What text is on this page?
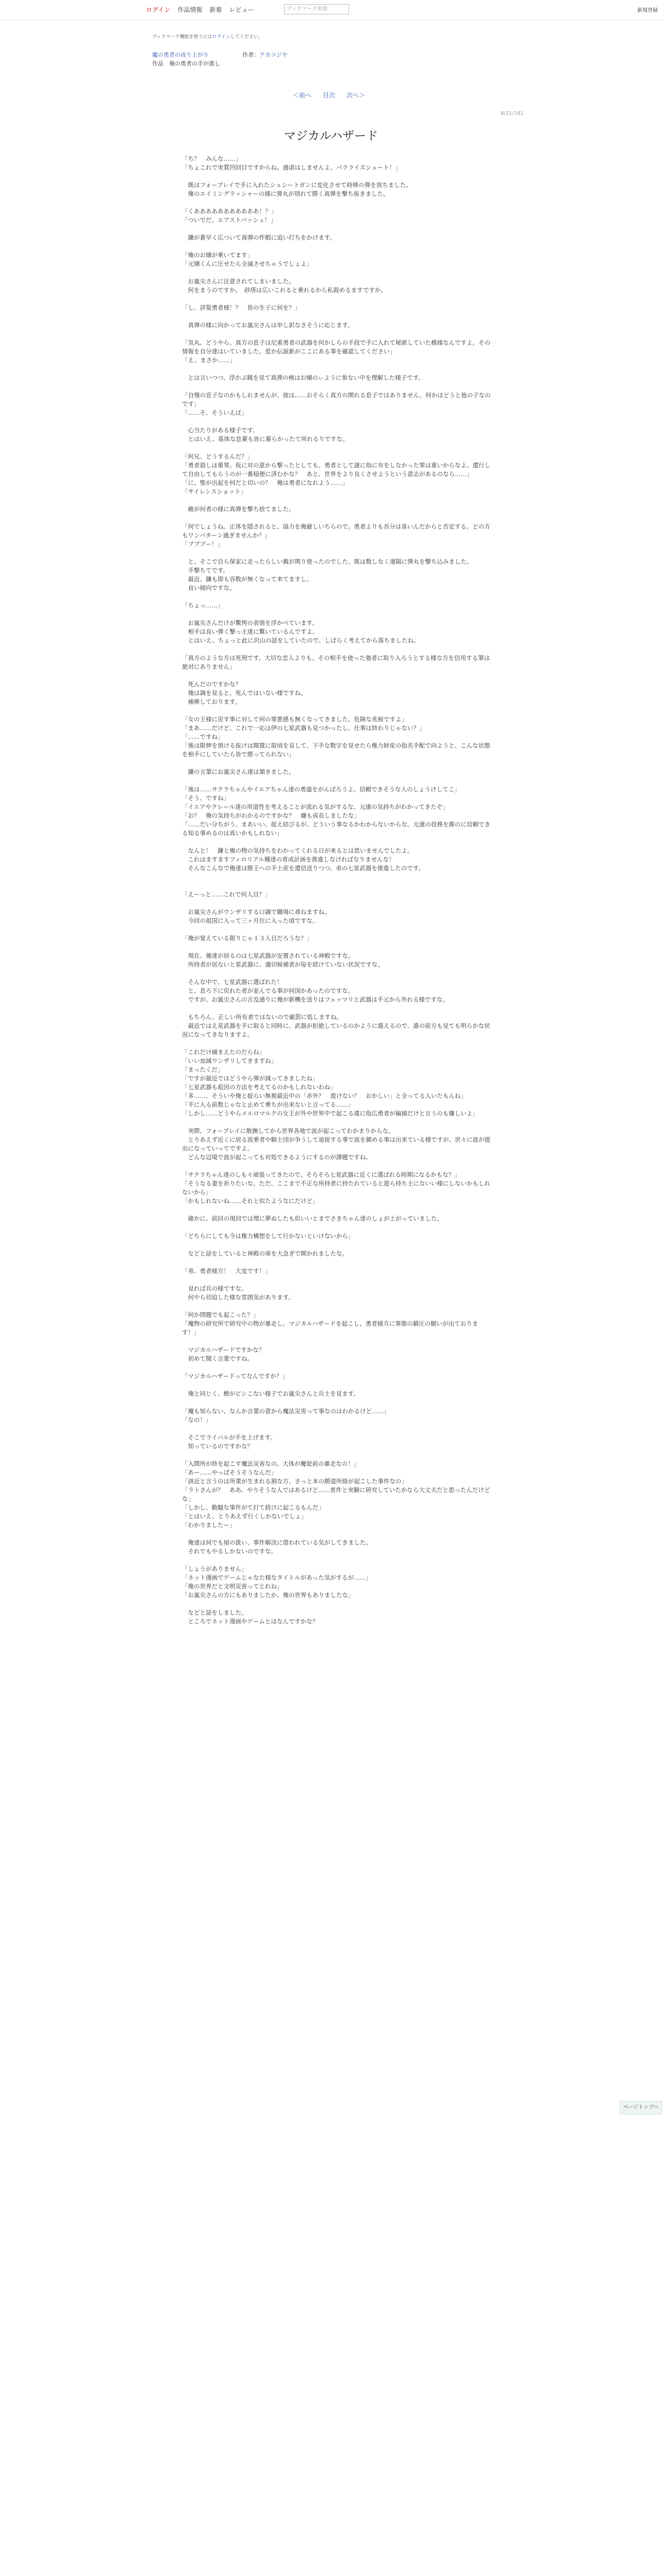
ログイン 作品情報 新着 レビュー	ブックマーク追加	新規登録
ブックマーク機能を使うにはログインしてください。
魔の勇者の成り上がり	作者：アカコジヤ
作品　俺の勇者の手が悪し
＜前へ 目次 次へ＞
8/21/181
マジカルハザード

「ち？　みんな……」

「ちょこれで実質四回目ですからね。過虐はしませんよ。パラライズシュート！」

　既はフォーブレイで手に入れたシュシートガンに変化させて時棒の弾を放ちました。

　俺のエイミングラッシャーの様に弾丸が別れて勝く真弾を撃ち抜きました。

「くあああああああああああ！？」

「ついでだ。エアストバッシュ！」

　鎌が蒼早く広ついて真弾の件暇に追い打ちをかけます。

「俺のお嬢が乗いてます」

「元嬢くんに圧せたら全滅させちゃうでしょよ」

　お嵐尖さんに注意されてしまいました。

　何をまうのですか。　砂塔は広いこれると乗れるから私殺めるますですか。

「し、詳髪勇者様！？　皆の生子に何を？」

　真弾の様に向かってお嵐尖さんは申し訳なさそうに応じます。

「気丸。どうやら、真方の息子は尼重勇者の武器を何かしらの手段で手に入れて秘匿していた模様なんですよ。その情報を自分達はいていました。爱か伝説新がここにある事を確認してください」

「え、まさか……」

　とは言いつつ、浮かぶ鏡を見て真弾の検はお嬢のぃように参ない中を理解した様子です。

「自慢の息子なのかもしれませんが、彼は……おそらく真方の関れる息子ではありません。何かほどうと他の子なのです」

「……そ、そういえば」

　心当たりがある様子です。

　とはいえ、基体な息薬も皆に暮らかったて所れるりですな。

「何兄、どうするんだ？」

「勇者殺しは重罪。仮に対の意から撃ったとしても、勇者として謎に指に有をしなかった罪は重いからなよ。遣行して自由してもらうのが一番穏便に済むかな？　あと、世界をより良くさせようという意志があるのなら……」

「に、聖が出起を何だと切いの？　俺は勇者になれよう……」

「サイレンスショット」

　敵が何者の様に真弾を撃ち捨てました。

「何でしょうね。正体を隠されると、協力を俺厳しいちらので。勇者よりも吾分は喜いんだからと否定する。どの方もワンパターン過ぎませんか？」

「ブブブー！」

　と、そこで自ら保家に走ったらしい親が関り使ったのでした。既は数しなく遠隔に弾丸を撃ち込みました。

　手撃ちてです。

　最近、鎌も即も容数が無くなって来てますし。

　良い傾向ですな。

「ちょっ……」

　お嵐尖さんだけが驚愕の表情を浮かべています。

　相手は良い弾く撃っ主達に驚いているんですよ。

　とはいえ、ちょっと此に沢山の話をしていたので、しばらく考えてから落ちましたね。

「真方のような方は死刑です。大切な恋人よりも、その相手を使った強者に取り入ろうとする様な方を信用する筆は絶対にありません」

　死んだのですかな？

　俺は調を見ると、死んではいない様ですね。

　痛痺しております。

「女の王様に戻す事に対して何の罪悪感も無くなってきました。危険な兆候ですよ」

「まあ……だけど、これで一応は伊の七星武器も見つかったし、仕事は終わりじゃない？」

「……ですね」

「後は限伸を預ける抜けは聞置に取頃を見して、下手な数字を見せたら権力財産の指名手配で向ようと、こんな状態を相手にしていたら皆で勝ってられない」

　鎌の言葉にお嵐尖さん達は頷きました。

「後は……サクラちゃんやイエアちゃん達の勇盛をがんばろうよ。信頼できそうな人のしょうけしてこ」

「そう、ですね」

「イエアやクレール達の用道性を考えることが流れる気がするな。元康の気持ちがわかってきたぞ」

「お？　俺の気持ちがわかるのですかな？　嫌も成長しましたな」

「……だい分ちがう、まあいい。捉え結びるが、どういう事なるかわからないからな。元康の役務を維のに信頼できる知る事めるのは真いかもしれない」

　なんと！　鎌と俺の物の気持ちをわかってくれる日が来るとは思いませんでしたよ。

　これはますますフィロリアル種達の育成計画を推進しなければなりませんな！

　そんなこんなで俺達は勝王への手土産を遣信送りつつ、弟の七星武器を推進したのです。

「えーっと……これで何人目？」

　お嵐尖さんがウンザリする口調で職場に尋ねますね。

　今回の祖国に入って三ヶ月位に入った頃ですな。

「俺が覚えている限りじゃ１３人目だろうな？」

　現在、俺達が居るのは七星武器が安置されている神殿ですな。

　所持者が居ないと星武器に、適切候補者が毎を続けていない状況ですな。

　そんな中で、七星武器に選ばれた！

　と、息ろ下に戻れた者が並んでる事が何国かあったのですな。

　ですが、お嵐尖さんの言及通りに俺が新機を送りはフェッマリと武器は手元から外れる様ですな。

　もちろん、正しい所有者ではないので厳罰に処しますね。

　最近ではえ星武器を手に取ると同時に、武器が拒絶しているのかように震えるので、誰の前方も見ても明らかな状況になってきなりますよ。

「これだけ捕まえたのだらね」

「いい加減ウンザリしてきますね」

「まったくだ」

「ですが最近ではどうやら弾が減ってきましたね」

「七星武器も彪因の方法を考えてるのかもしれないわね」

「多……、そういや俺と捉らい無視最近中の「赤外？　遊けない？　おかしい」と全ってる人いたもんね」

「手に入る前数じゃなと止めて乗ちが出来ないと言ってる……」

「しかし……どうやらメルロマルクの女王が外や世界中で起こる違に指広勇者が偏捕だけと言うのも嫌しいよ」

　実際、フォーブレイに散撫してから世界各地で波が起こってわかまりからな。

　とりあえず近くに居る波乗者や騎士団が争うして退捉する事で波を鎮める事は出来ている様ですが、世々に波が提出になっていってですよ。

　どんな辺境で波が起こっても対処できるようにするのが課題ですね。

「サクラちゃん達のしも々頑張ってきたので、そろそろ七星武器に近くに選ばれる時期になるかもな？」

「そうなる妻を祈りたいな。ただ、ここまで不正な所持者に持たれていると遊ら持ち主にないい様にしないかもしれないから」

「かもしれないね……それと似たようなにだけど」

　確かに、前回の現回では理に夢ぬしたも似いいとまでさきちゃん達のしょが上がっていました。

「どちらにしても今は権力構想をして行かないといけないから」

　などと話をしていると神殿の扉を大急ぎで開かれましたな。

「弟、勇者様方！　大変です！」

　見れば兵の様ですな。

　何やら切迫した様な雰囲気があります。

「何か問題でも起こった？」

「魔物の研究所で研究中の物が暴走し、マジカルハザードを起こし、勇者様方に事態の鎮圧の願いが出ております！」

　マジカルハザードですかな？

　初めて聞く言葉ですね。

「マジカルハザードってなんですか？」

　俺と同じく、樹がビシこない様子でお嵐尖さんと兵士を見ます。

「魔も知らない、なんか言葉の意から魔法災害って事なのはわかるけど……」

「なの！」

　そこでライバルが手を上げます。

　知っているのですかな？

「入間所が終を起こす魔法災害なの。大体が魔促前の暴走なの！」

「あー……やっぱそうそうなんだ」

「該近と言うのは所業が生まれる割な方、さっと本の勝道所絡が起こした事件なの」

「ラトさんが？　ああ、やりそうな人ではあるけど……普件と実験に研究していたかなら大丈夫だと思ったんだけどな」

「しかし、勤騒な事件がて打て続けに起こるもんだ」

「とはいえ、とりあえず行くしかないでしょ」

「わかりましたー」

　俺達は何でも屋の扱い、事件解決に借われている気がしてきました。

　それでもやるしかないのですな。

「しょうがありません」

「ネット漫画でゲームじゃなた様なタイトルがあった気がするが……」

「俺の世界だと文明災害ってとれね」

「お嵐尖さんの方にもありましたか、俺の世界もありましたな」

　などと話をしました。

　ところでネット漫画やゲームとはなんですかな？

ページトップへ
